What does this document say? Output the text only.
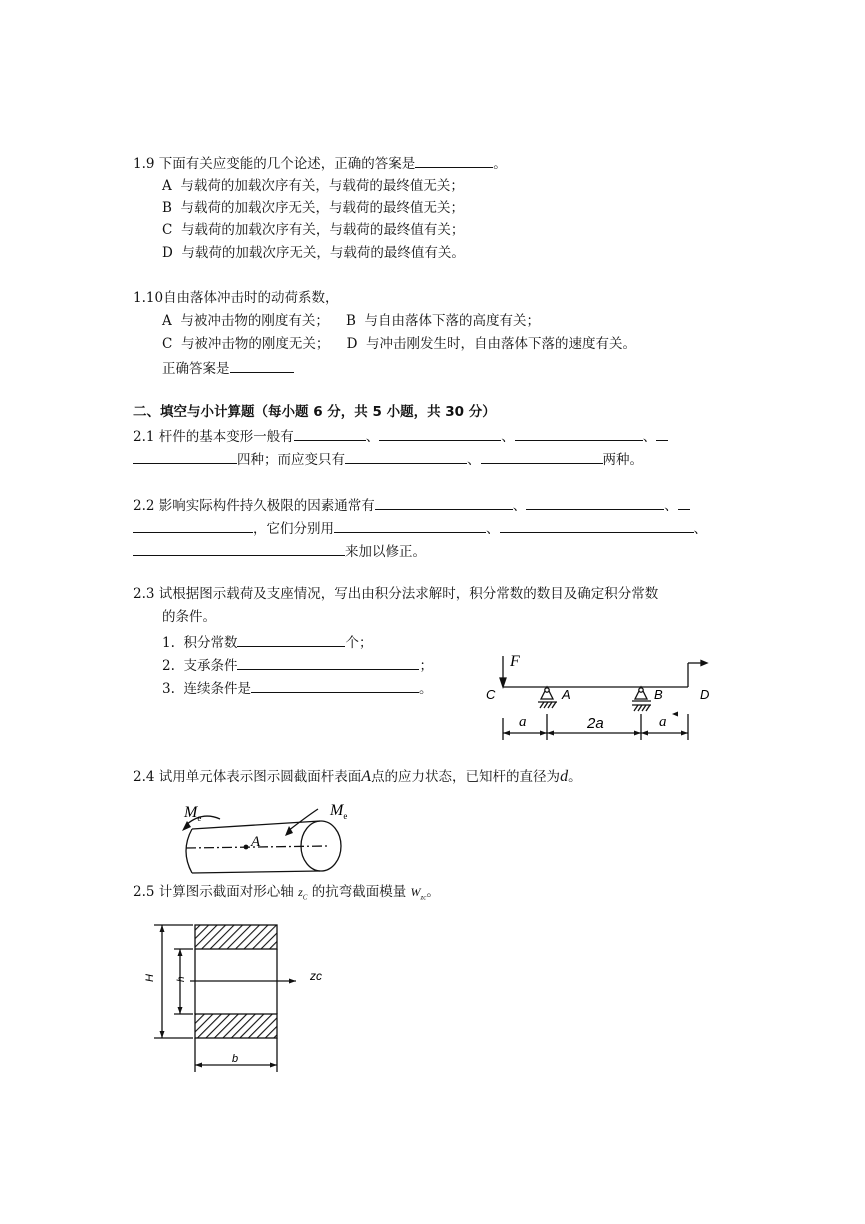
1.9 下面有关应变能的几个论述，正确的答案是	。
A 与载荷的加载次序有关，与载荷的最终值无关；
B 与载荷的加载次序无关，与载荷的最终值无关；
C 与载荷的加载次序有关，与载荷的最终值有关；
D 与载荷的加载次序无关，与载荷的最终值有关。
1.10自由落体冲击时的动荷系数，
A 与被冲击物的刚度有关； B 与自由落体下落的高度有关；
C 与被冲击物的刚度无关； D 与冲击刚发生时，自由落体下落的速度有关。
正确答案是
二、填空与小计算题（每小题 6 分，共 5 小题，共 30 分）
2.1 杆件的基本变形一般有	、	、	、
四种；而应变只有	、	两种。
2.2 影响实际构件持久极限的因素通常有	、	、
，它们分别用	、	、
来加以修正。
2.3 试根据图示载荷及支座情况，写出由积分法求解时，积分常数的数目及确定积分常数
的条件。
1. 积分常数	个；
2. 支承条件	；
3. 连续条件是	。
F
C	A	B	D
a	2a	a
2.4 试用单元体表示图示圆截面杆表面A点的应力状态，已知杆的直径为d。
$M_e$	$M_e$
A
2.5 计算图示截面对形心轴 $z_C$ 的抗弯截面模量 $W_{zc}$。
H h
b
zc
